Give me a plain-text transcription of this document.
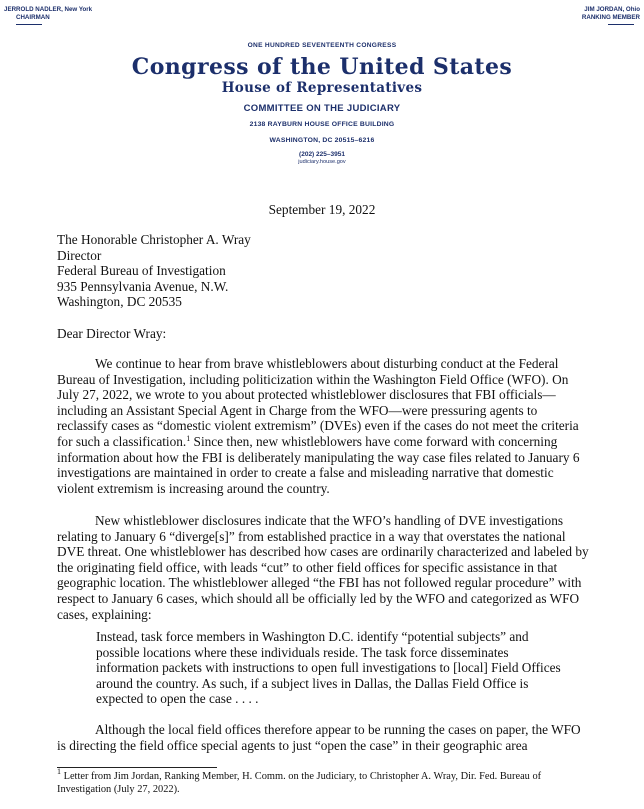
JERROLD NADLER, New York
CHAIRMAN
JIM JORDAN, Ohio
RANKING MEMBER
ONE HUNDRED SEVENTEENTH CONGRESS
Congress of the United States
House of Representatives
COMMITTEE ON THE JUDICIARY
2138 RAYBURN HOUSE OFFICE BUILDING
WASHINGTON, DC 20515–6216
(202) 225–3951
judiciary.house.gov
September 19, 2022
The Honorable Christopher A. Wray
Director
Federal Bureau of Investigation
935 Pennsylvania Avenue, N.W.
Washington, DC 20535
Dear Director Wray:

We continue to hear from brave whistleblowers about disturbing conduct at the Federal Bureau of Investigation, including politicization within the Washington Field Office (WFO). On July 27, 2022, we wrote to you about protected whistleblower disclosures that FBI officials—including an Assistant Special Agent in Charge from the WFO—were pressuring agents to reclassify cases as “domestic violent extremism” (DVEs) even if the cases do not meet the criteria for such a classification.$^1$ Since then, new whistleblowers have come forward with concerning information about how the FBI is deliberately manipulating the way case files related to January 6 investigations are maintained in order to create a false and misleading narrative that domestic violent extremism is increasing around the country.

New whistleblower disclosures indicate that the WFO’s handling of DVE investigations relating to January 6 “diverge[s]” from established practice in a way that overstates the national DVE threat. One whistleblower has described how cases are ordinarily characterized and labeled by the originating field office, with leads “cut” to other field offices for specific assistance in that geographic location. The whistleblower alleged “the FBI has not followed regular procedure” with respect to January 6 cases, which should all be officially led by the WFO and categorized as WFO cases, explaining:

Instead, task force members in Washington D.C. identify “potential subjects” and possible locations where these individuals reside. The task force disseminates information packets with instructions to open full investigations to [local] Field Offices around the country. As such, if a subject lives in Dallas, the Dallas Field Office is expected to open the case . . . .

Although the local field offices therefore appear to be running the cases on paper, the WFO is directing the field office special agents to just “open the case” in their geographic area

$^1$ Letter from Jim Jordan, Ranking Member, H. Comm. on the Judiciary, to Christopher A. Wray, Dir. Fed. Bureau of Investigation (July 27, 2022).
